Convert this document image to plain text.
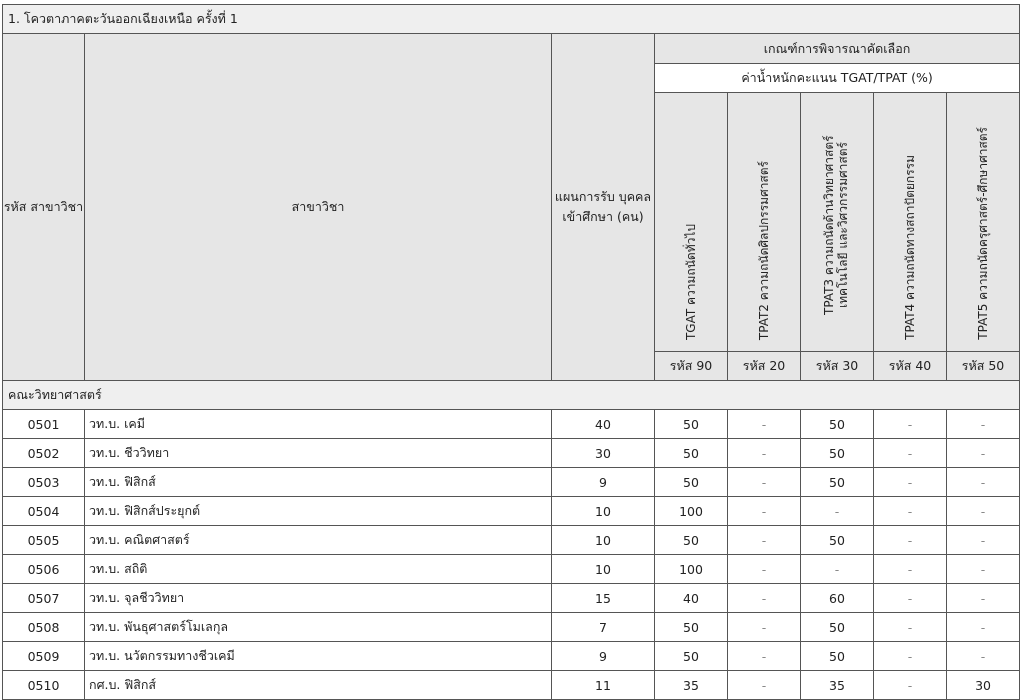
1. โควตาภาคตะวันออกเฉียงเหนือ ครั้งที่ 1							
รหัส สาขาวิชา	สาขาวิชา	แผนการรับ บุคคลเข้าศึกษา (คน)	เกณฑ์การพิจารณาคัดเลือก				
			ค่าน้ำหนักคะแนน TGAT/TPAT (%)				
			TGAT ความถนัดทั่วไป	TPAT2 ความถนัดศิลปกรรมศาสตร์	TPAT3 ความถนัดด้านวิทยาศาสตร์ เทคโนโลยี และวิศวกรรมศาสตร์	TPAT4 ความถนัดทางสถาปัตยกรรม	TPAT5 ความถนัดครุศาสตร์-ศึกษาศาสตร์
			รหัส 90	รหัส 20	รหัส 30	รหัส 40	รหัส 50
คณะวิทยาศาสตร์							
0501	วท.บ. เคมี	40	50	-	50	-	-
0502	วท.บ. ชีววิทยา	30	50	-	50	-	-
0503	วท.บ. ฟิสิกส์	9	50	-	50	-	-
0504	วท.บ. ฟิสิกส์ประยุกต์	10	100	-	-	-	-
0505	วท.บ. คณิตศาสตร์	10	50	-	50	-	-
0506	วท.บ. สถิติ	10	100	-	-	-	-
0507	วท.บ. จุลชีววิทยา	15	40	-	60	-	-
0508	วท.บ. พันธุศาสตร์โมเลกุล	7	50	-	50	-	-
0509	วท.บ. นวัตกรรมทางชีวเคมี	9	50	-	50	-	-
0510	กศ.บ. ฟิสิกส์	11	35	-	35	-	30
